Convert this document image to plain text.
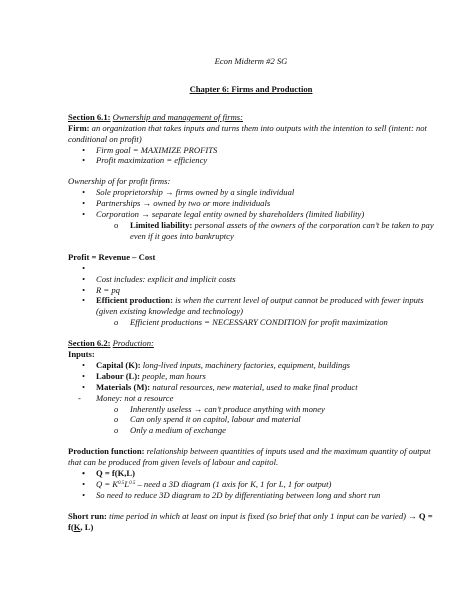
Econ Midterm #2 SG

Chapter 6: Firms and Production

Section 6.1: Ownership and management of firms:

Firm: an organization that takes inputs and turns them into outputs with the intention to sell (intent: not conditional on profit)

• Firm goal = MAXIMIZE PROFITS
• Profit maximization = efficiency

Ownership of for profit firms:

• Sole proprietorship → firms owned by a single individual
• Partnerships → owned by two or more individuals
• Corporation → separate legal entity owned by shareholders (limited liability)
o Limited liability: personal assets of the owners of the corporation can’t be taken to pay even if it goes into bankruptcy

Profit = Revenue – Cost

•

• Cost includes: explicit and implicit costs
• R = pq
• Efficient production: is when the current level of output cannot be produced with fewer inputs (given existing knowledge and technology)
o Efficient productions = NECESSARY CONDITION for profit maximization

Section 6.2: Production:

Inputs:

• Capital (K): long-lived inputs, machinery factories, equipment, buildings
• Labour (L): people, man hours
• Materials (M): natural resources, new material, used to make final product
- Money: not a resource
o Inherently useless → can’t produce anything with money
o Can only spend it on capitol, labour and material
o Only a medium of exchange

Production function: relationship between quantities of inputs used and the maximum quantity of output that can be produced from given levels of labour and capitol.

• Q = f(K,L)
• $Q = K^{0.5}L^{0.5}$ – need a 3D diagram (1 axis for K, 1 for L, 1 for output)
• So need to reduce 3D diagram to 2D by differentiating between long and short run

Short run: time period in which at least on input is fixed (so brief that only 1 input can be varied) → Q = f(K, L)
